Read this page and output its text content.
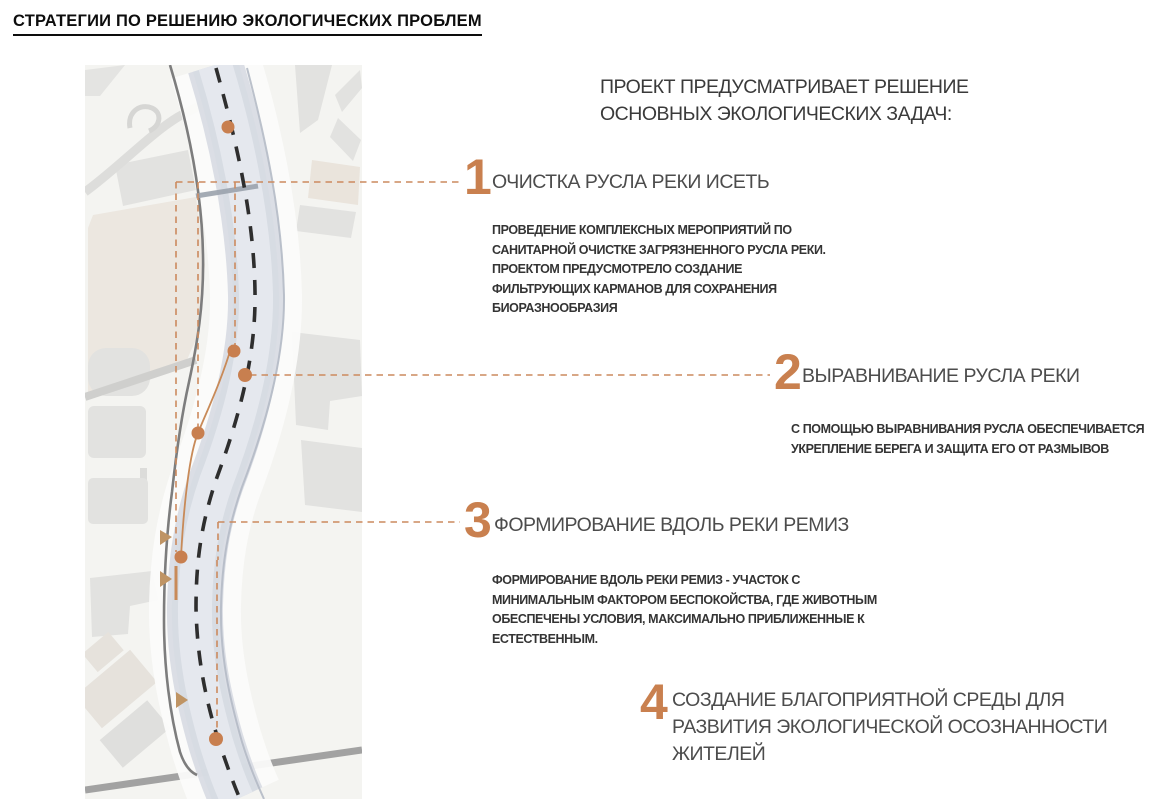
СТРАТЕГИИ ПО РЕШЕНИЮ ЭКОЛОГИЧЕСКИХ ПРОБЛЕМ
ПРОЕКТ ПРЕДУСМАТРИВАЕТ РЕШЕНИЕ ОСНОВНЫХ ЭКОЛОГИЧЕСКИХ ЗАДАЧ:
1 ОЧИСТКА РУСЛА РЕКИ ИСЕТЬ
ПРОВЕДЕНИЕ КОМПЛЕКСНЫХ МЕРОПРИЯТИЙ ПО САНИТАРНОЙ ОЧИСТКЕ ЗАГРЯЗНЕННОГО РУСЛА РЕКИ. ПРОЕКТОМ ПРЕДУСМОТРЕЛО СОЗДАНИЕ ФИЛЬТРУЮЩИХ КАРМАНОВ ДЛЯ СОХРАНЕНИЯ БИОРАЗНООБРАЗИЯ
2 ВЫРАВНИВАНИЕ РУСЛА РЕКИ
С ПОМОЩЬЮ ВЫРАВНИВАНИЯ РУСЛА ОБЕСПЕЧИВАЕТСЯ УКРЕПЛЕНИЕ БЕРЕГА И ЗАЩИТА ЕГО ОТ РАЗМЫВОВ
3 ФОРМИРОВАНИЕ ВДОЛЬ РЕКИ РЕМИЗ
ФОРМИРОВАНИЕ ВДОЛЬ РЕКИ РЕМИЗ - УЧАСТОК С МИНИМАЛЬНЫМ ФАКТОРОМ БЕСПОКОЙСТВА, ГДЕ ЖИВОТНЫМ ОБЕСПЕЧЕНЫ УСЛОВИЯ, МАКСИМАЛЬНО ПРИБЛИЖЕННЫЕ К ЕСТЕСТВЕННЫМ.
4 СОЗДАНИЕ БЛАГОПРИЯТНОЙ СРЕДЫ ДЛЯ РАЗВИТИЯ ЭКОЛОГИЧЕСКОЙ ОСОЗНАННОСТИ ЖИТЕЛЕЙ
